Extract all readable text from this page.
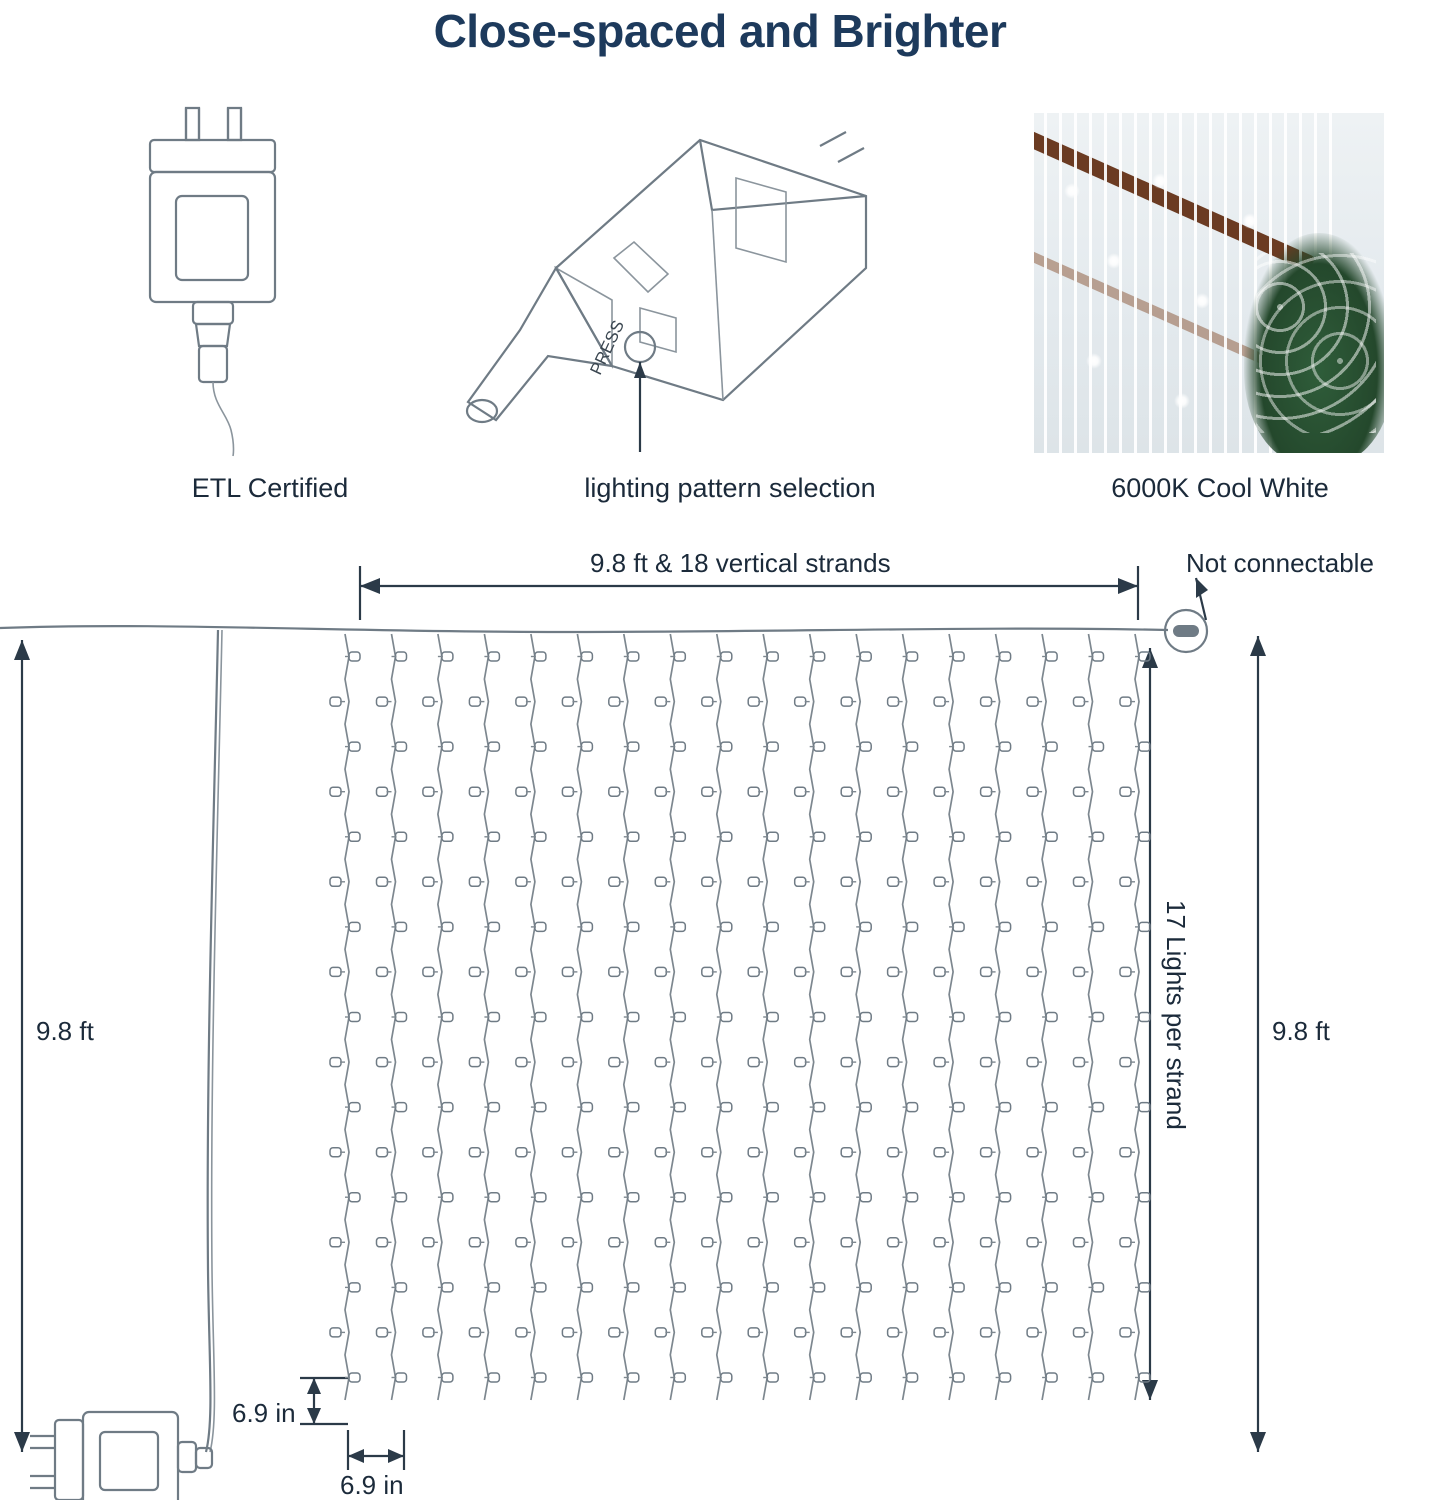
Close-spaced and Brighter
PRESS
ETL Certified	lighting pattern selection	6000K Cool White
9.8 ft & 18 vertical strands	Not connectable
9.8 ft	9.8 ft
17 Lights per strand
6.9 in
6.9 in
